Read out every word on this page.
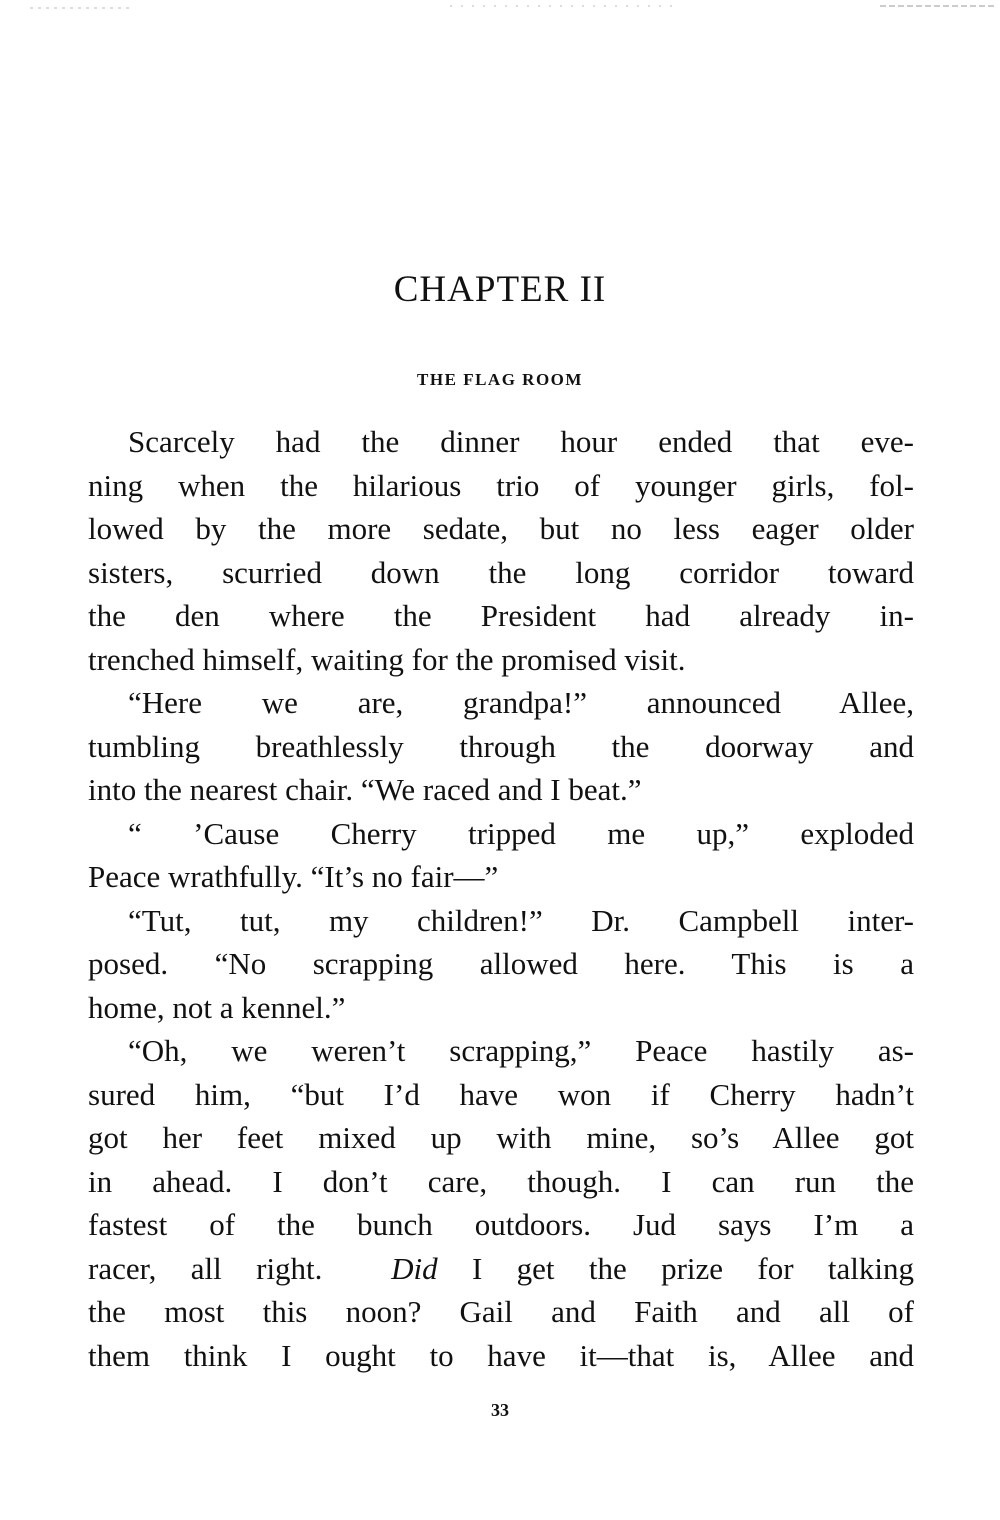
CHAPTER II
THE FLAG ROOM
Scarcely had the dinner hour ended that eve-
ning when the hilarious trio of younger girls, fol-
lowed by the more sedate, but no less eager older
sisters, scurried down the long corridor toward
the den where the President had already in-
trenched himself, waiting for the promised visit.
“Here we are, grandpa!” announced Allee,
tumbling breathlessly through the doorway and
into the nearest chair. “We raced and I beat.”
“ ’Cause Cherry tripped me up,” exploded
Peace wrathfully. “It’s no fair—”
“Tut, tut, my children!” Dr. Campbell inter-
posed. “No scrapping allowed here. This is a
home, not a kennel.”
“Oh, we weren’t scrapping,” Peace hastily as-
sured him, “but I’d have won if Cherry hadn’t
got her feet mixed up with mine, so’s Allee got
in ahead. I don’t care, though. I can run the
fastest of the bunch outdoors. Jud says I’m a
racer, all right. Did I get the prize for talking
the most this noon? Gail and Faith and all of
them think I ought to have it—that is, Allee and
33
